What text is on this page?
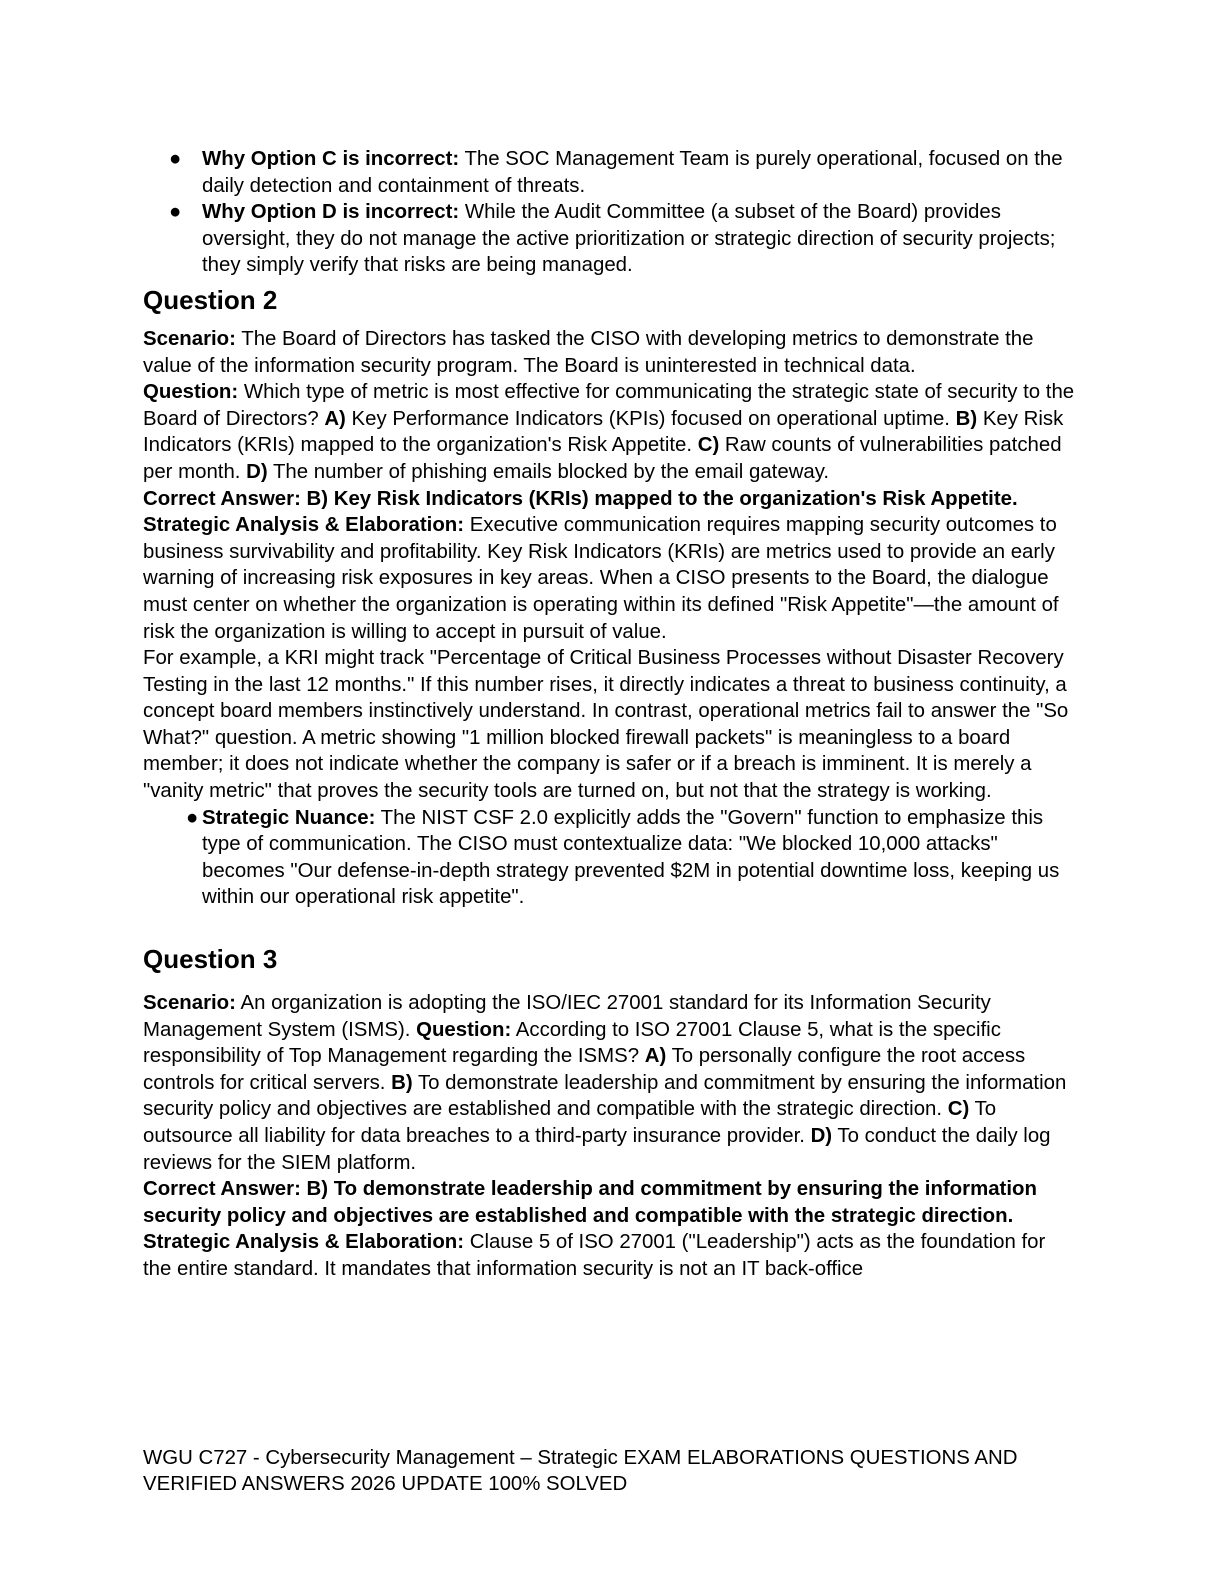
● Why Option C is incorrect: The SOC Management Team is purely operational, focused on the daily detection and containment of threats.
● Why Option D is incorrect: While the Audit Committee (a subset of the Board) provides oversight, they do not manage the active prioritization or strategic direction of security projects; they simply verify that risks are being managed.
Question 2

Scenario: The Board of Directors has tasked the CISO with developing metrics to demonstrate the value of the information security program. The Board is uninterested in technical data.

Question: Which type of metric is most effective for communicating the strategic state of security to the Board of Directors? A) Key Performance Indicators (KPIs) focused on operational uptime. B) Key Risk Indicators (KRIs) mapped to the organization's Risk Appetite. C) Raw counts of vulnerabilities patched per month. D) The number of phishing emails blocked by the email gateway.

Correct Answer: B) Key Risk Indicators (KRIs) mapped to the organization's Risk Appetite.

Strategic Analysis & Elaboration: Executive communication requires mapping security outcomes to business survivability and profitability. Key Risk Indicators (KRIs) are metrics used to provide an early warning of increasing risk exposures in key areas. When a CISO presents to the Board, the dialogue must center on whether the organization is operating within its defined "Risk Appetite"—the amount of risk the organization is willing to accept in pursuit of value.

For example, a KRI might track "Percentage of Critical Business Processes without Disaster Recovery Testing in the last 12 months." If this number rises, it directly indicates a threat to business continuity, a concept board members instinctively understand. In contrast, operational metrics fail to answer the "So What?" question. A metric showing "1 million blocked firewall packets" is meaningless to a board member; it does not indicate whether the company is safer or if a breach is imminent. It is merely a "vanity metric" that proves the security tools are turned on, but not that the strategy is working.

● Strategic Nuance: The NIST CSF 2.0 explicitly adds the "Govern" function to emphasize this type of communication. The CISO must contextualize data: "We blocked 10,000 attacks" becomes "Our defense-in-depth strategy prevented $2M in potential downtime loss, keeping us within our operational risk appetite".
Question 3

Scenario: An organization is adopting the ISO/IEC 27001 standard for its Information Security Management System (ISMS). Question: According to ISO 27001 Clause 5, what is the specific responsibility of Top Management regarding the ISMS? A) To personally configure the root access controls for critical servers. B) To demonstrate leadership and commitment by ensuring the information security policy and objectives are established and compatible with the strategic direction. C) To outsource all liability for data breaches to a third-party insurance provider. D) To conduct the daily log reviews for the SIEM platform.

Correct Answer: B) To demonstrate leadership and commitment by ensuring the information security policy and objectives are established and compatible with the strategic direction.

Strategic Analysis & Elaboration: Clause 5 of ISO 27001 ("Leadership") acts as the foundation for the entire standard. It mandates that information security is not an IT back-office

WGU C727 - Cybersecurity Management – Strategic EXAM ELABORATIONS QUESTIONS AND VERIFIED ANSWERS 2026 UPDATE 100% SOLVED
